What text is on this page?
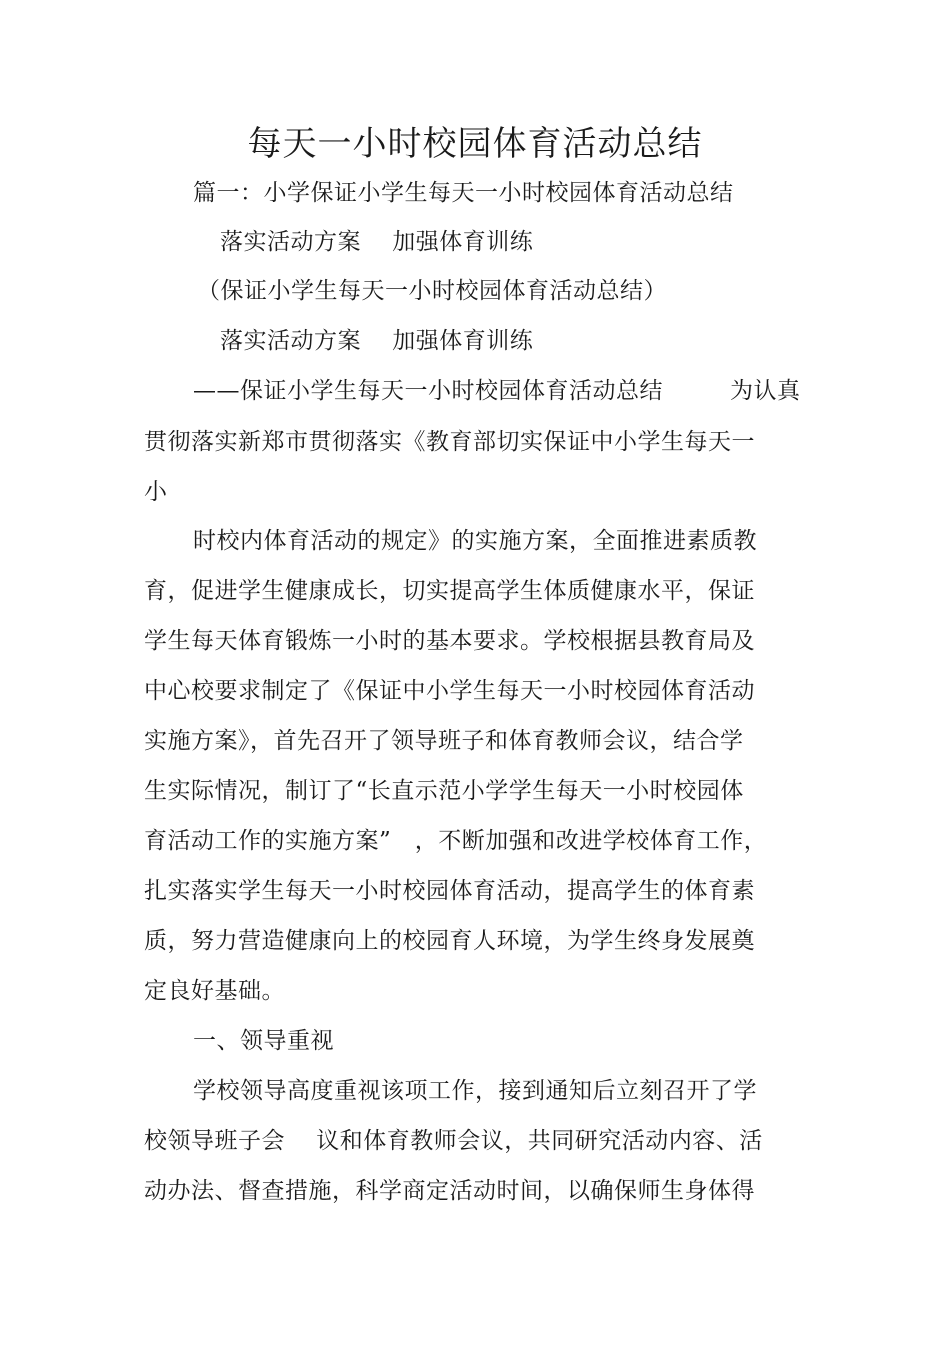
每天一小时校园体育活动总结
篇一：小学保证小学生每天一小时校园体育活动总结
落实活动方案　 加强体育训练
（保证小学生每天一小时校园体育活动总结）
落实活动方案　 加强体育训练
——保证小学生每天一小时校园体育活动总结	为认真
贯彻落实新郑市贯彻落实《教育部切实保证中小学生每天一
小
时校内体育活动的规定》的实施方案，全面推进素质教
育，促进学生健康成长，切实提高学生体质健康水平，保证
学生每天体育锻炼一小时的基本要求。学校根据县教育局及
中心校要求制定了《保证中小学生每天一小时校园体育活动
实施方案》，首先召开了领导班子和体育教师会议，结合学
生实际情况，制订了“长直示范小学学生每天一小时校园体
育活动工作的实施方案”　，不断加强和改进学校体育工作，
扎实落实学生每天一小时校园体育活动，提高学生的体育素
质，努力营造健康向上的校园育人环境，为学生终身发展奠
定良好基础。
一、领导重视
学校领导高度重视该项工作，接到通知后立刻召开了学
校领导班子会　 议和体育教师会议，共同研究活动内容、活
动办法、督查措施，科学商定活动时间，以确保师生身体得
